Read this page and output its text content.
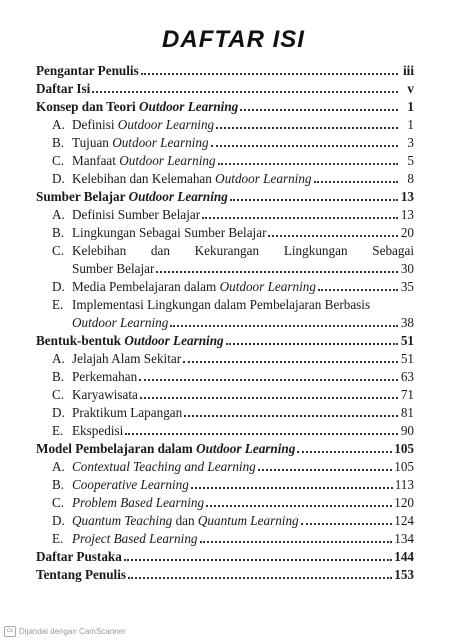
DAFTAR ISI
Pengantar Penulis	iii
Daftar Isi	v
Konsep dan Teori Outdoor Learning	1
A. Definisi Outdoor Learning	1
B. Tujuan Outdoor Learning	3
C. Manfaat Outdoor Learning	5
D. Kelebihan dan Kelemahan Outdoor Learning	8
Sumber Belajar Outdoor Learning	13
A. Definisi Sumber Belajar	13
B. Lingkungan Sebagai Sumber Belajar	20
C. Kelebihan dan Kekurangan Lingkungan Sebagai
Sumber Belajar	30
D. Media Pembelajaran dalam Outdoor Learning	35
E. Implementasi Lingkungan dalam Pembelajaran Berbasis
Outdoor Learning	38
Bentuk-bentuk Outdoor Learning	51
A. Jelajah Alam Sekitar	51
B. Perkemahan	63
C. Karyawisata	71
D. Praktikum Lapangan	81
E. Ekspedisi	90
Model Pembelajaran dalam Outdoor Learning	105
A. Contextual Teaching and Learning	105
B. Cooperative Learning	113
C. Problem Based Learning	120
D. Quantum Teaching dan Quantum Learning	124
E. Project Based Learning	134
Daftar Pustaka	144
Tentang Penulis	153
cs Dipindai dengan CamScanner
